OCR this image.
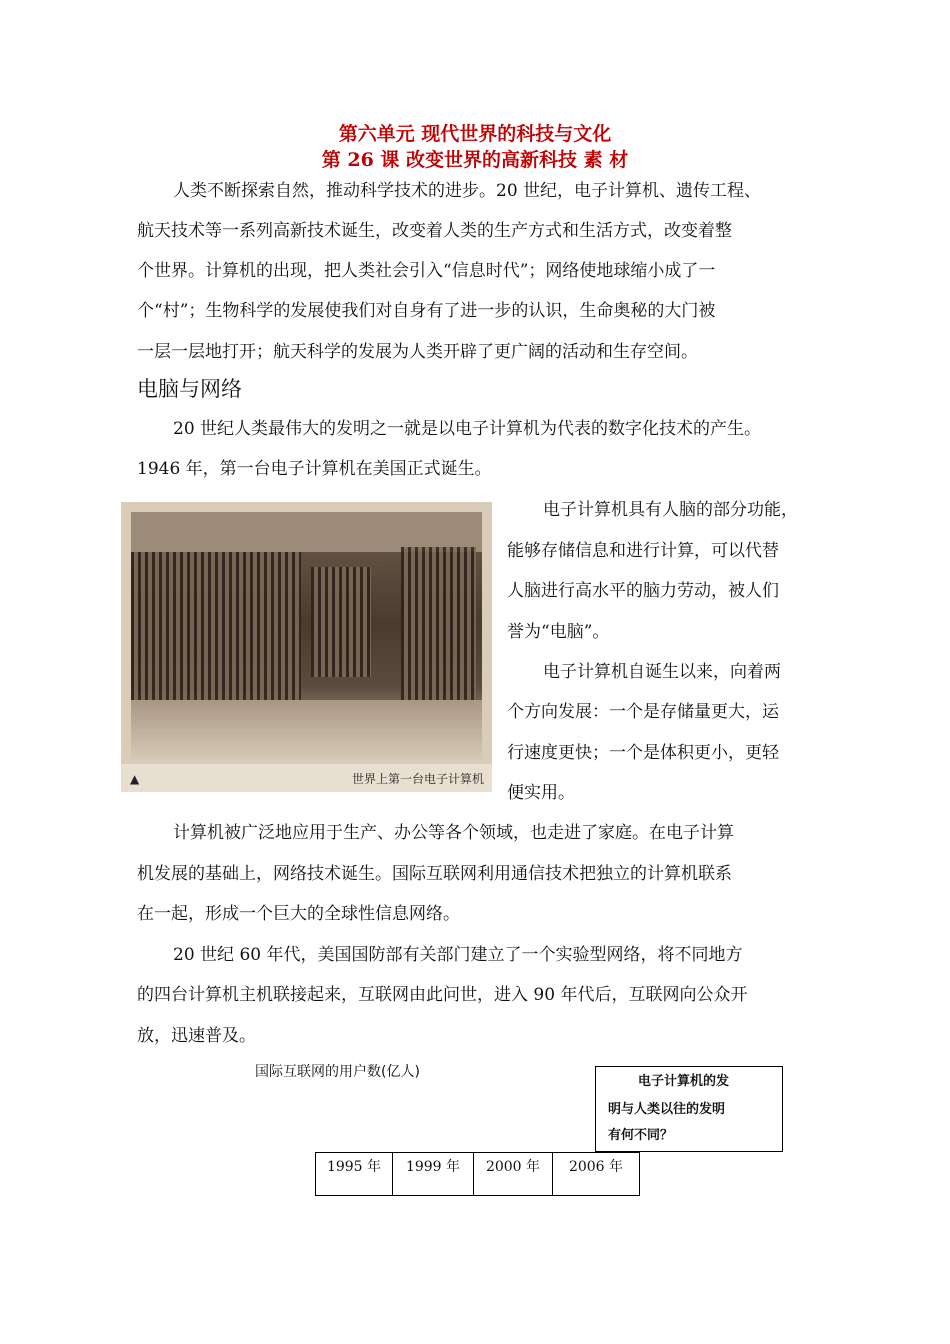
第六单元 现代世界的科技与文化
第 26 课 改变世界的高新科技 素 材
人类不断探索自然，推动科学技术的进步。20 世纪，电子计算机、遗传工程、
航天技术等一系列高新技术诞生，改变着人类的生产方式和生活方式，改变着整
个世界。计算机的出现，把人类社会引入“信息时代”；网络使地球缩小成了一
个“村”；生物科学的发展使我们对自身有了进一步的认识，生命奥秘的大门被
一层一层地打开；航天科学的发展为人类开辟了更广阔的活动和生存空间。
电脑与网络
20 世纪人类最伟大的发明之一就是以电子计算机为代表的数字化技术的产生。
1946 年，第一台电子计算机在美国正式诞生。
▲	世界上第一台电子计算机
电子计算机具有人脑的部分功能，
能够存储信息和进行计算，可以代替
人脑进行高水平的脑力劳动，被人们
誉为“电脑”。
电子计算机自诞生以来，向着两
个方向发展：一个是存储量更大，运
行速度更快；一个是体积更小，更轻
便实用。
计算机被广泛地应用于生产、办公等各个领域，也走进了家庭。在电子计算
机发展的基础上，网络技术诞生。国际互联网利用通信技术把独立的计算机联系
在一起，形成一个巨大的全球性信息网络。
20 世纪 60 年代，美国国防部有关部门建立了一个实验型网络，将不同地方
的四台计算机主机联接起来，互联网由此问世，进入 90 年代后，互联网向公众开
放，迅速普及。
国际互联网的用户数(亿人)
电子计算机的发
明与人类以往的发明
有何不同？
1995 年	1999 年	2000 年	2006 年
